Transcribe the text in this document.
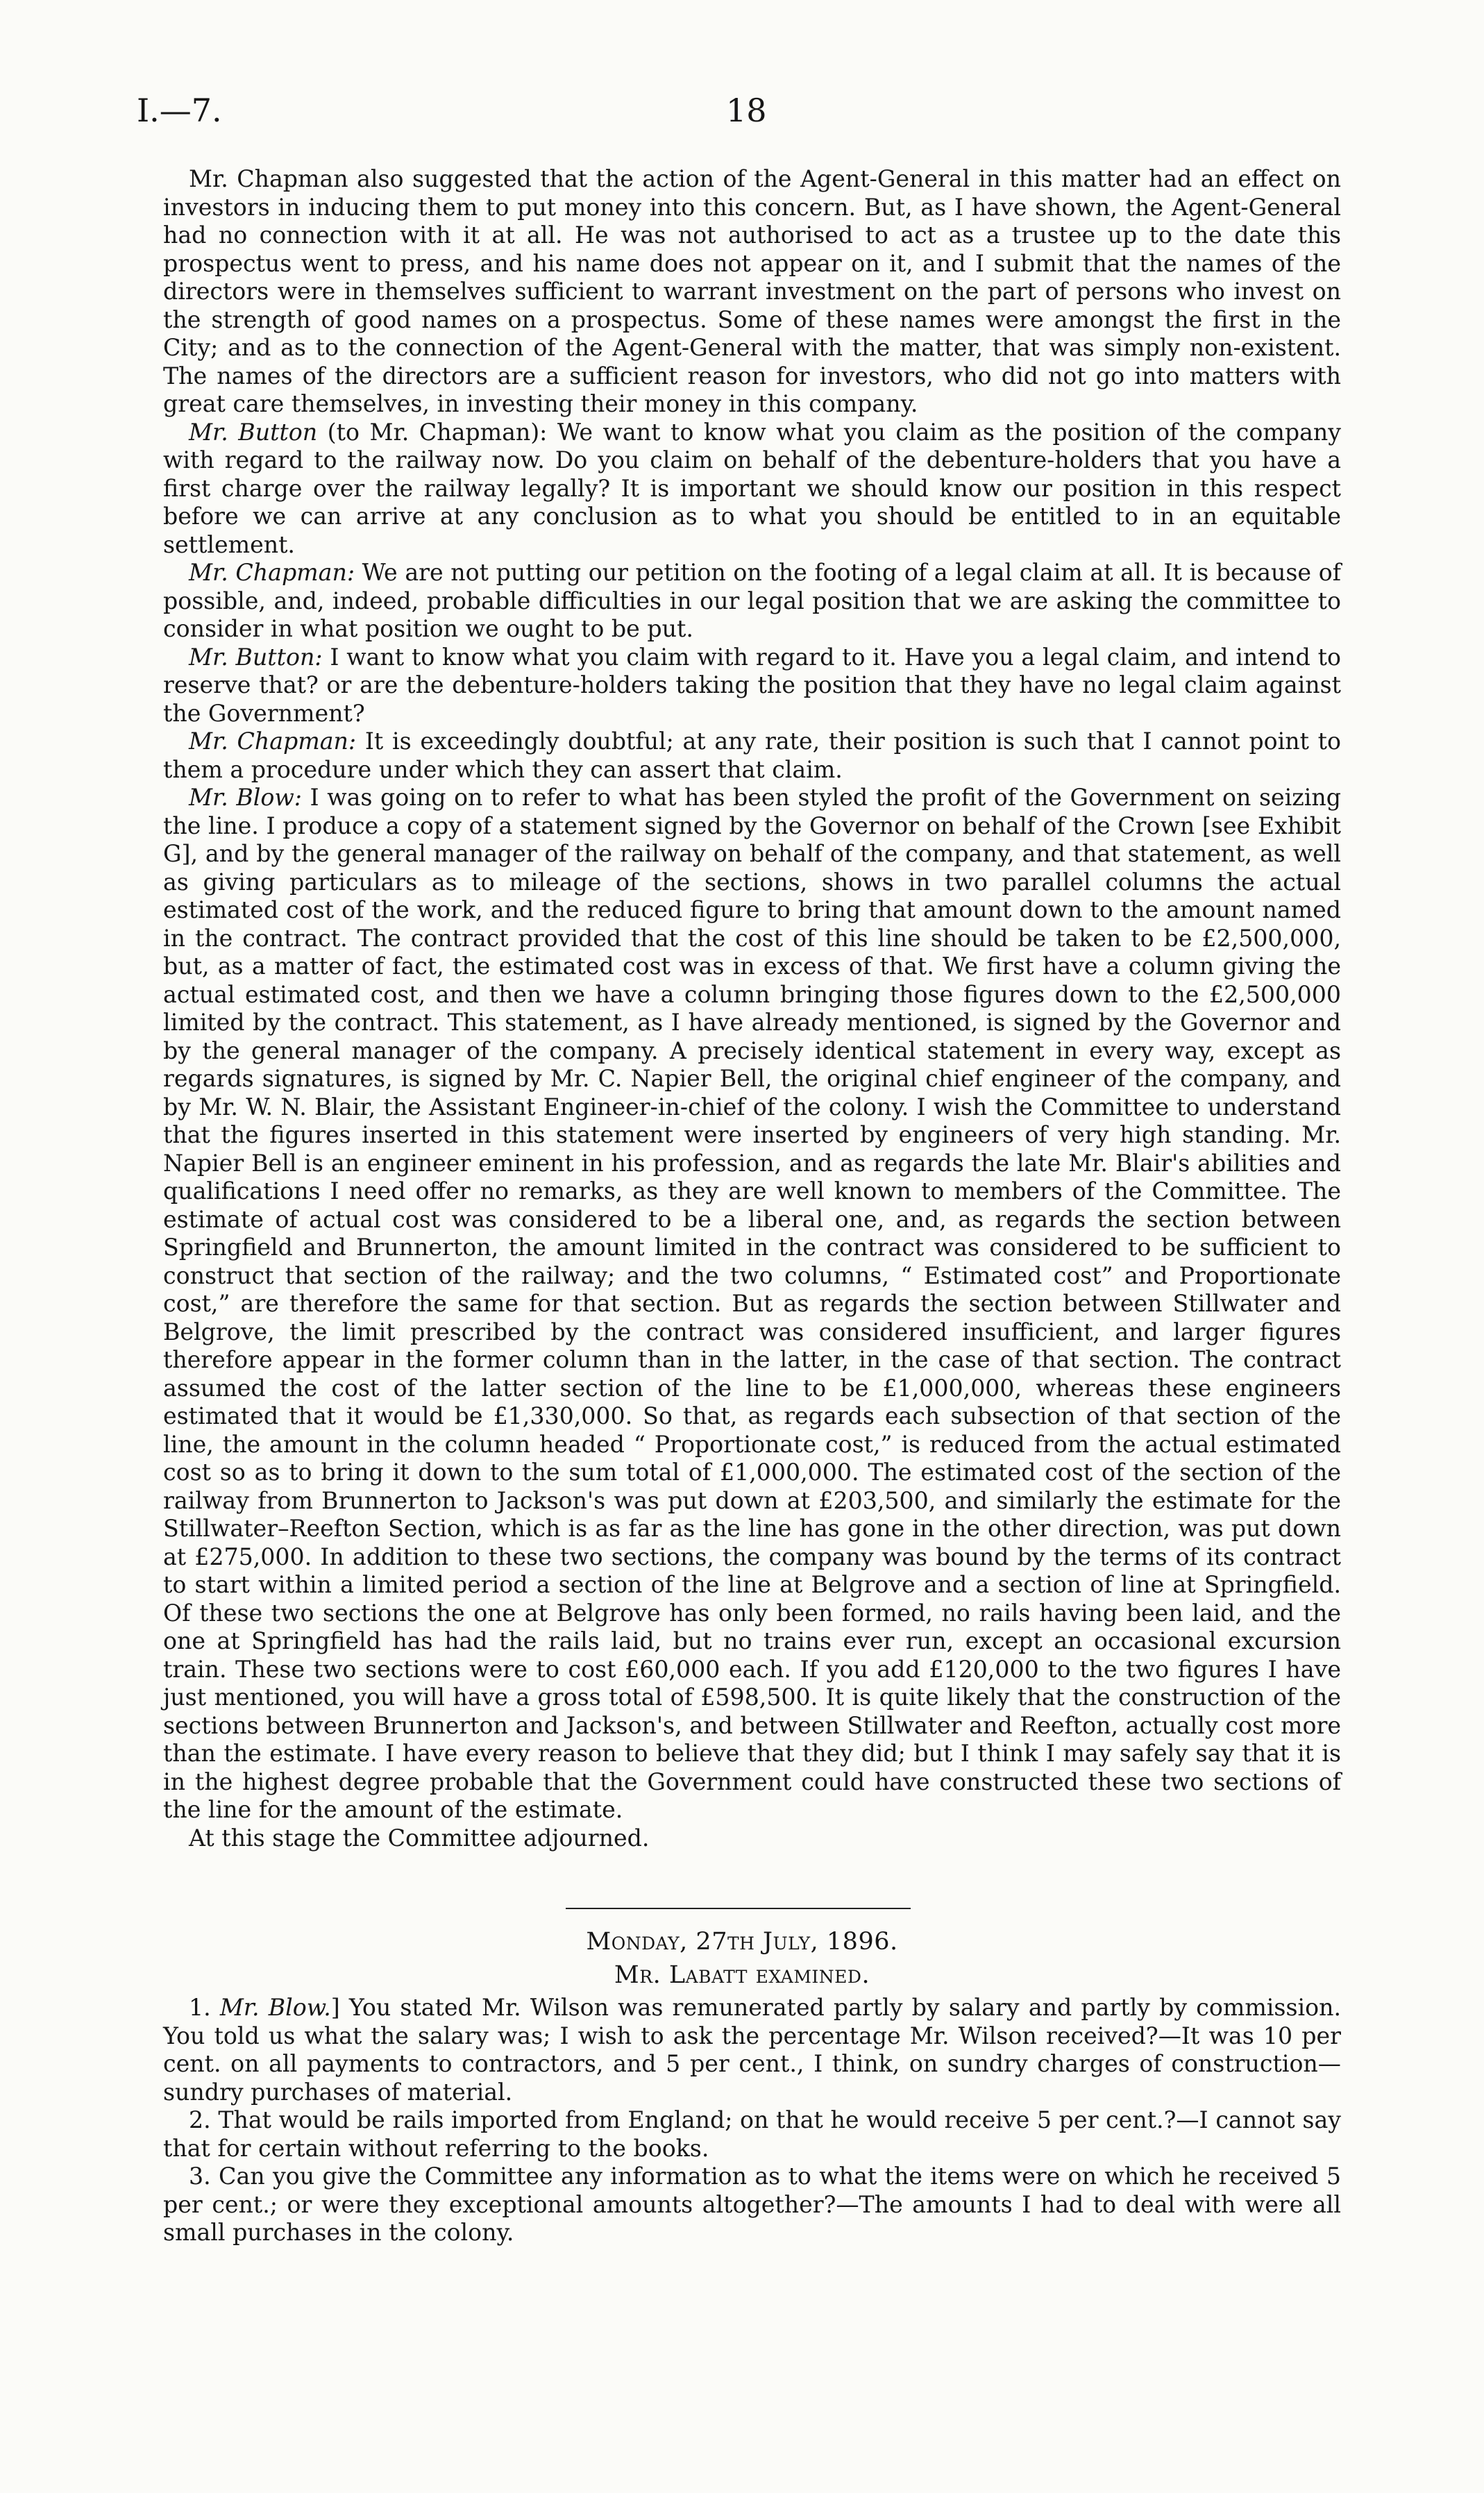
I.—7.	18

Mr. Chapman also suggested that the action of the Agent-General in this matter had an effect on investors in inducing them to put money into this concern. But, as I have shown, the Agent-General had no connection with it at all. He was not authorised to act as a trustee up to the date this prospectus went to press, and his name does not appear on it, and I submit that the names of the directors were in themselves sufficient to warrant investment on the part of persons who invest on the strength of good names on a prospectus. Some of these names were amongst the first in the City; and as to the connection of the Agent-General with the matter, that was simply non-existent. The names of the directors are a sufficient reason for investors, who did not go into matters with great care themselves, in investing their money in this company.

Mr. Button (to Mr. Chapman): We want to know what you claim as the position of the company with regard to the railway now. Do you claim on behalf of the debenture-holders that you have a first charge over the railway legally? It is important we should know our position in this respect before we can arrive at any conclusion as to what you should be entitled to in an equitable settlement.

Mr. Chapman: We are not putting our petition on the footing of a legal claim at all. It is because of possible, and, indeed, probable difficulties in our legal position that we are asking the committee to consider in what position we ought to be put.

Mr. Button: I want to know what you claim with regard to it. Have you a legal claim, and intend to reserve that? or are the debenture-holders taking the position that they have no legal claim against the Government?

Mr. Chapman: It is exceedingly doubtful; at any rate, their position is such that I cannot point to them a procedure under which they can assert that claim.

Mr. Blow: I was going on to refer to what has been styled the profit of the Government on seizing the line. I produce a copy of a statement signed by the Governor on behalf of the Crown [see Exhibit G], and by the general manager of the railway on behalf of the company, and that statement, as well as giving particulars as to mileage of the sections, shows in two parallel columns the actual estimated cost of the work, and the reduced figure to bring that amount down to the amount named in the contract. The contract provided that the cost of this line should be taken to be £2,500,000, but, as a matter of fact, the estimated cost was in excess of that. We first have a column giving the actual estimated cost, and then we have a column bringing those figures down to the £2,500,000 limited by the contract. This statement, as I have already mentioned, is signed by the Governor and by the general manager of the company. A precisely identical statement in every way, except as regards signatures, is signed by Mr. C. Napier Bell, the original chief engineer of the company, and by Mr. W. N. Blair, the Assistant Engineer-in-chief of the colony. I wish the Committee to understand that the figures inserted in this statement were inserted by engineers of very high standing. Mr. Napier Bell is an engineer eminent in his profession, and as regards the late Mr. Blair's abilities and qualifications I need offer no remarks, as they are well known to members of the Committee. The estimate of actual cost was considered to be a liberal one, and, as regards the section between Springfield and Brunnerton, the amount limited in the contract was considered to be sufficient to construct that section of the railway; and the two columns, “ Estimated cost” and Proportionate cost,” are therefore the same for that section. But as regards the section between Stillwater and Belgrove, the limit prescribed by the contract was considered insufficient, and larger figures therefore appear in the former column than in the latter, in the case of that section. The contract assumed the cost of the latter section of the line to be £1,000,000, whereas these engineers estimated that it would be £1,330,000. So that, as regards each subsection of that section of the line, the amount in the column headed “ Proportionate cost,” is reduced from the actual estimated cost so as to bring it down to the sum total of £1,000,000. The estimated cost of the section of the railway from Brunnerton to Jackson's was put down at £203,500, and similarly the estimate for the Stillwater–Reefton Section, which is as far as the line has gone in the other direction, was put down at £275,000. In addition to these two sections, the company was bound by the terms of its contract to start within a limited period a section of the line at Belgrove and a section of line at Springfield. Of these two sections the one at Belgrove has only been formed, no rails having been laid, and the one at Springfield has had the rails laid, but no trains ever run, except an occasional excursion train. These two sections were to cost £60,000 each. If you add £120,000 to the two figures I have just mentioned, you will have a gross total of £598,500. It is quite likely that the construction of the sections between Brunnerton and Jackson's, and between Stillwater and Reefton, actually cost more than the estimate. I have every reason to believe that they did; but I think I may safely say that it is in the highest degree probable that the Government could have constructed these two sections of the line for the amount of the estimate.

At this stage the Committee adjourned.

Monday, 27th July, 1896.
Mr. Labatt examined.

1. Mr. Blow.] You stated Mr. Wilson was remunerated partly by salary and partly by commission. You told us what the salary was; I wish to ask the percentage Mr. Wilson received?—It was 10 per cent. on all payments to contractors, and 5 per cent., I think, on sundry charges of construction—sundry purchases of material.

2. That would be rails imported from England; on that he would receive 5 per cent.?—I cannot say that for certain without referring to the books.

3. Can you give the Committee any information as to what the items were on which he received 5 per cent.; or were they exceptional amounts altogether?—The amounts I had to deal with were all small purchases in the colony.
